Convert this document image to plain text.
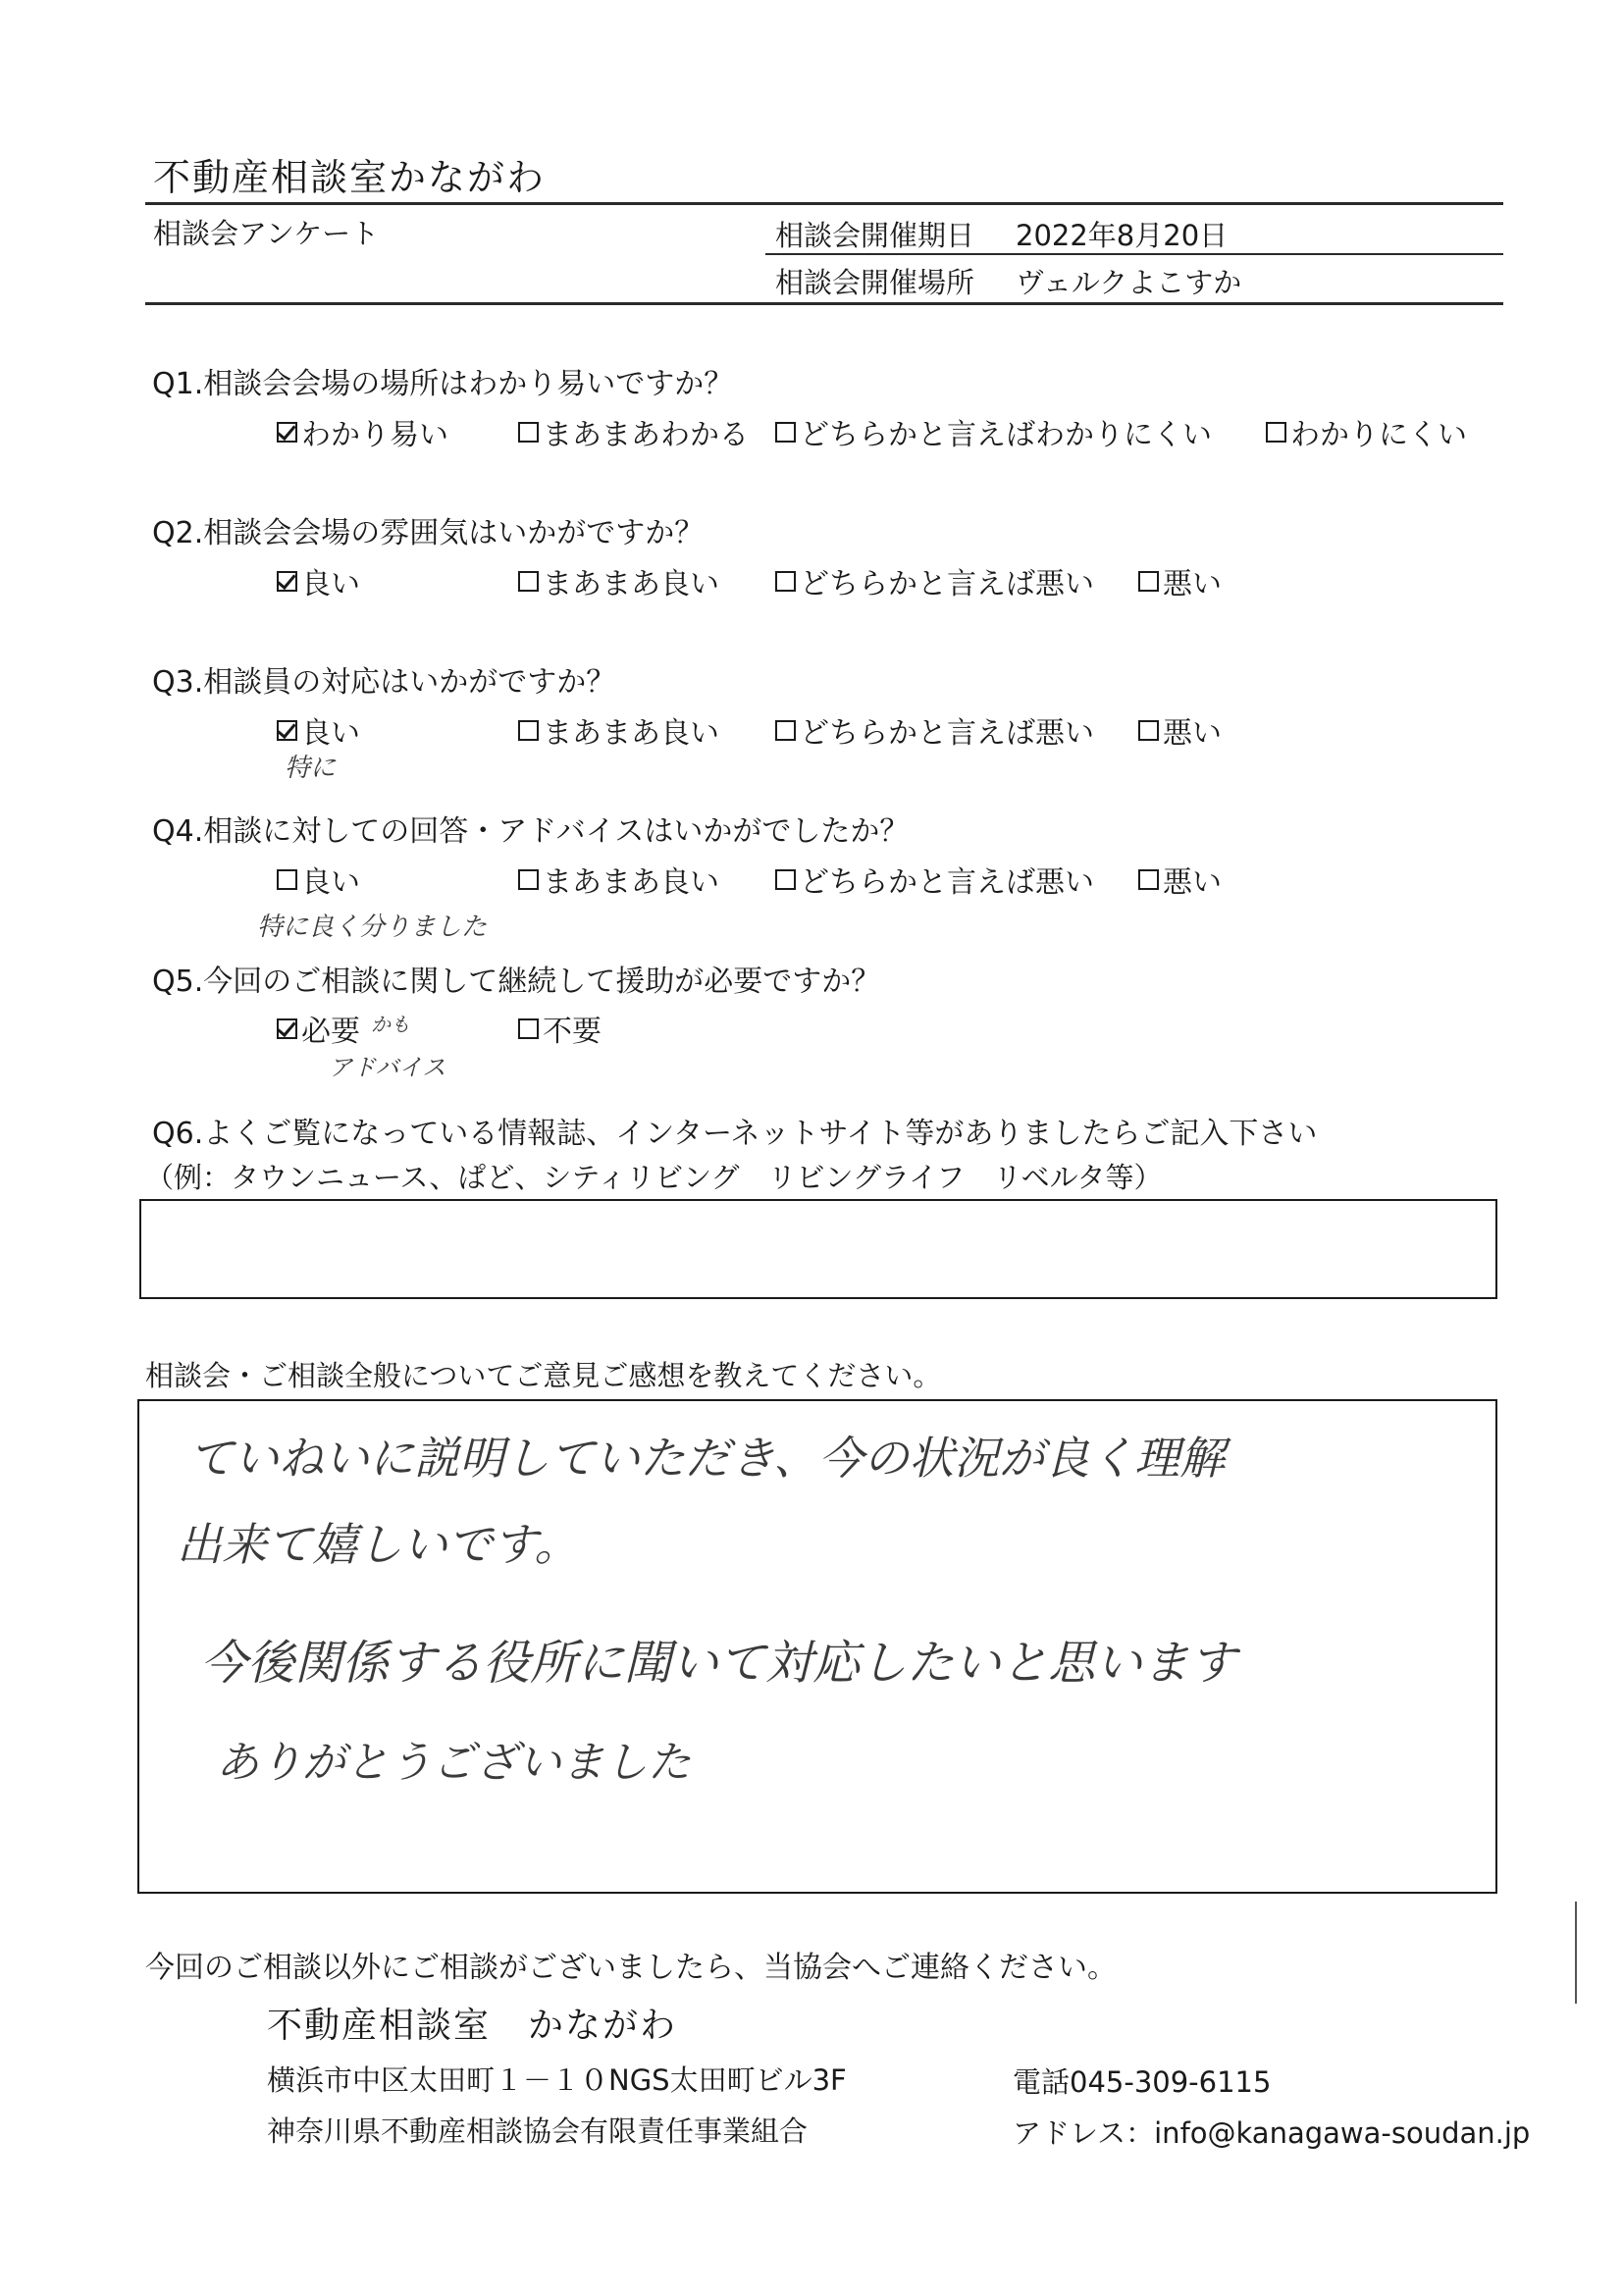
不動産相談室かながわ
相談会アンケート	相談会開催期日 2022年8月20日
相談会開催場所 ヴェルクよこすか
Q1.相談会会場の場所はわかり易いですか？
わかり易い	まあまあわかる どちらかと言えばわかりにくい	わかりにくい
Q2.相談会会場の雰囲気はいかがですか？
良い	まあまあ良い	どちらかと言えば悪い 悪い
Q3.相談員の対応はいかがですか？
良い	まあまあ良い	どちらかと言えば悪い 悪い
特に
Q4.相談に対しての回答・アドバイスはいかがでしたか？
良い	まあまあ良い	どちらかと言えば悪い 悪い
特に良く分りました
Q5.今回のご相談に関して継続して援助が必要ですか？
必要 かも
アドバイス
不要
Q6.よくご覧になっている情報誌、インターネットサイト等がありましたらご記入下さい
（例：タウンニュース、ぱど、シティリビング　リビングライフ　リベルタ等）
相談会・ご相談全般についてご意見ご感想を教えてください。
ていねいに説明していただき、今の状況が良く理解
出来て嬉しいです。
今後関係する役所に聞いて対応したいと思います
ありがとうございました
今回のご相談以外にご相談がございましたら、当協会へご連絡ください。
不動産相談室　かながわ
横浜市中区太田町１－１０NGS太田町ビル3F	電話045-309-6115
神奈川県不動産相談協会有限責任事業組合	アドレス：info@kanagawa-soudan.jp
